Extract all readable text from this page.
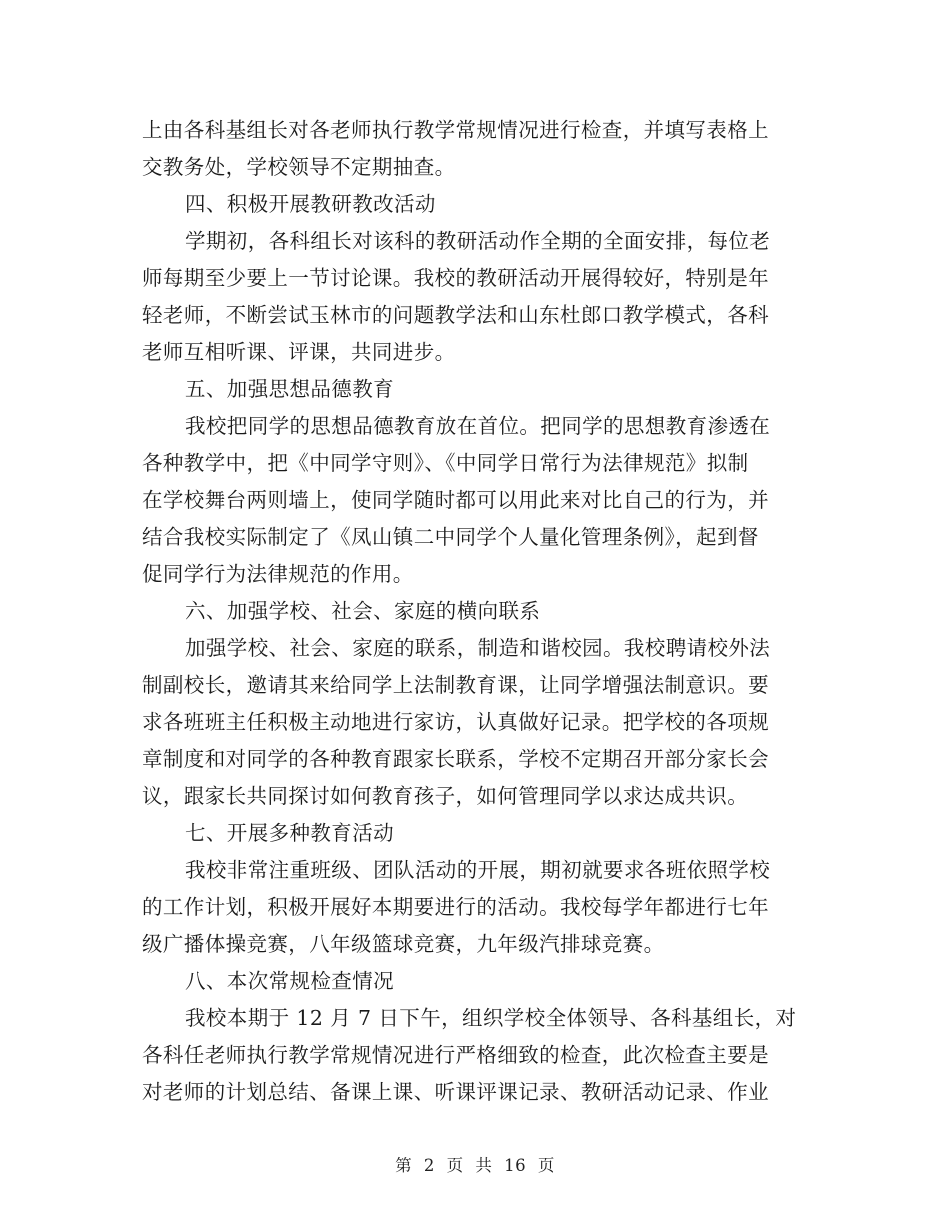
上由各科基组长对各老师执行教学常规情况进行检查，并填写表格上
交教务处，学校领导不定期抽查。
四、积极开展教研教改活动
学期初，各科组长对该科的教研活动作全期的全面安排，每位老
师每期至少要上一节讨论课。我校的教研活动开展得较好，特别是年
轻老师，不断尝试玉林市的问题教学法和山东杜郎口教学模式，各科
老师互相听课、评课，共同进步。
五、加强思想品德教育
我校把同学的思想品德教育放在首位。把同学的思想教育渗透在
各种教学中，把《中同学守则》、《中同学日常行为法律规范》拟制
在学校舞台两则墙上，使同学随时都可以用此来对比自己的行为，并
结合我校实际制定了《凤山镇二中同学个人量化管理条例》，起到督
促同学行为法律规范的作用。
六、加强学校、社会、家庭的横向联系
加强学校、社会、家庭的联系，制造和谐校园。我校聘请校外法
制副校长，邀请其来给同学上法制教育课，让同学增强法制意识。要
求各班班主任积极主动地进行家访，认真做好记录。把学校的各项规
章制度和对同学的各种教育跟家长联系，学校不定期召开部分家长会
议，跟家长共同探讨如何教育孩子，如何管理同学以求达成共识。
七、开展多种教育活动
我校非常注重班级、团队活动的开展，期初就要求各班依照学校
的工作计划，积极开展好本期要进行的活动。我校每学年都进行七年
级广播体操竞赛，八年级篮球竞赛，九年级汽排球竞赛。
八、本次常规检查情况
我校本期于 12 月 7 日下午，组织学校全体领导、各科基组长，对
各科任老师执行教学常规情况进行严格细致的检查，此次检查主要是
对老师的计划总结、备课上课、听课评课记录、教研活动记录、作业
第 2 页 共 16 页
